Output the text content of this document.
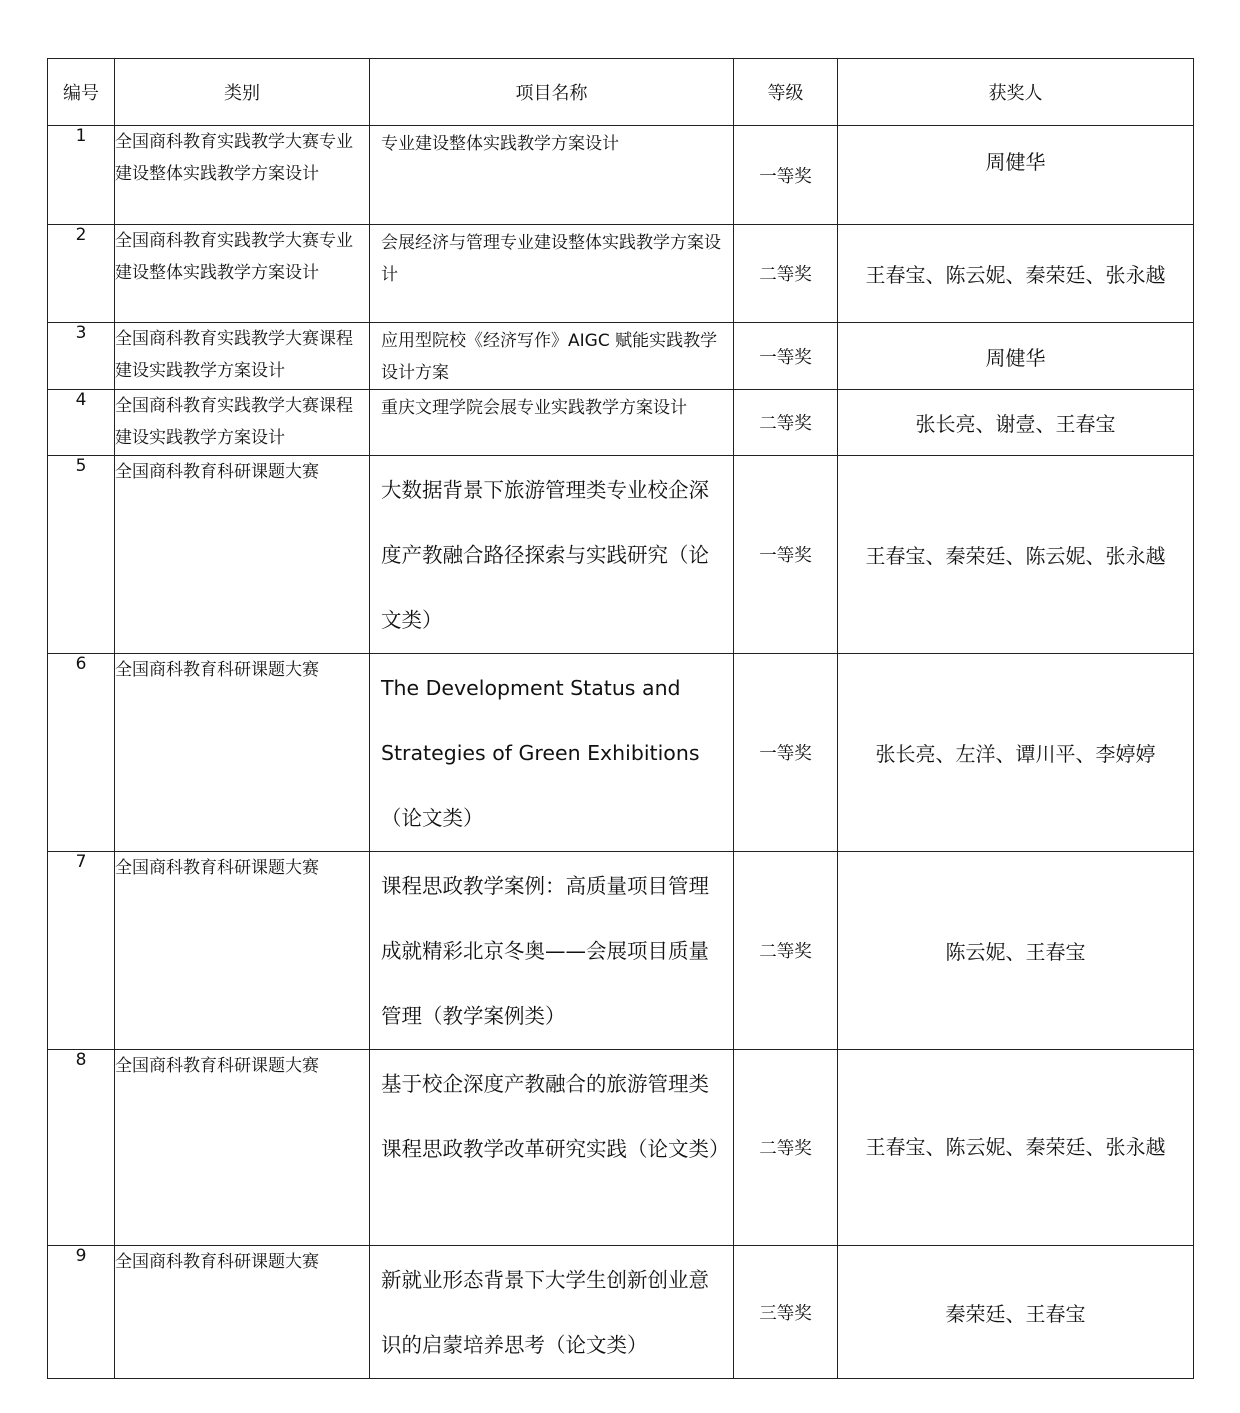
编号	类别	项目名称	等级	获奖人
1	全国商科教育实践教学大赛专业建设整体实践教学方案设计	专业建设整体实践教学方案设计	一等奖	周健华
2	全国商科教育实践教学大赛专业建设整体实践教学方案设计	会展经济与管理专业建设整体实践教学方案设计	二等奖	王春宝、陈云妮、秦荣廷、张永越
3	全国商科教育实践教学大赛课程建设实践教学方案设计	应用型院校《经济写作》AIGC 赋能实践教学设计方案	一等奖	周健华
4	全国商科教育实践教学大赛课程建设实践教学方案设计	重庆文理学院会展专业实践教学方案设计	二等奖	张长亮、谢壹、王春宝
5	全国商科教育科研课题大赛	大数据背景下旅游管理类专业校企深度产教融合路径探索与实践研究（论文类）	一等奖	王春宝、秦荣廷、陈云妮、张永越
6	全国商科教育科研课题大赛	The Development Status and Strategies of Green Exhibitions（论文类）	一等奖	张长亮、左洋、谭川平、李婷婷
7	全国商科教育科研课题大赛	课程思政教学案例：高质量项目管理成就精彩北京冬奥——会展项目质量管理（教学案例类）	二等奖	陈云妮、王春宝
8	全国商科教育科研课题大赛	基于校企深度产教融合的旅游管理类课程思政教学改革研究实践（论文类）	二等奖	王春宝、陈云妮、秦荣廷、张永越
9	全国商科教育科研课题大赛	新就业形态背景下大学生创新创业意识的启蒙培养思考（论文类）	三等奖	秦荣廷、王春宝
